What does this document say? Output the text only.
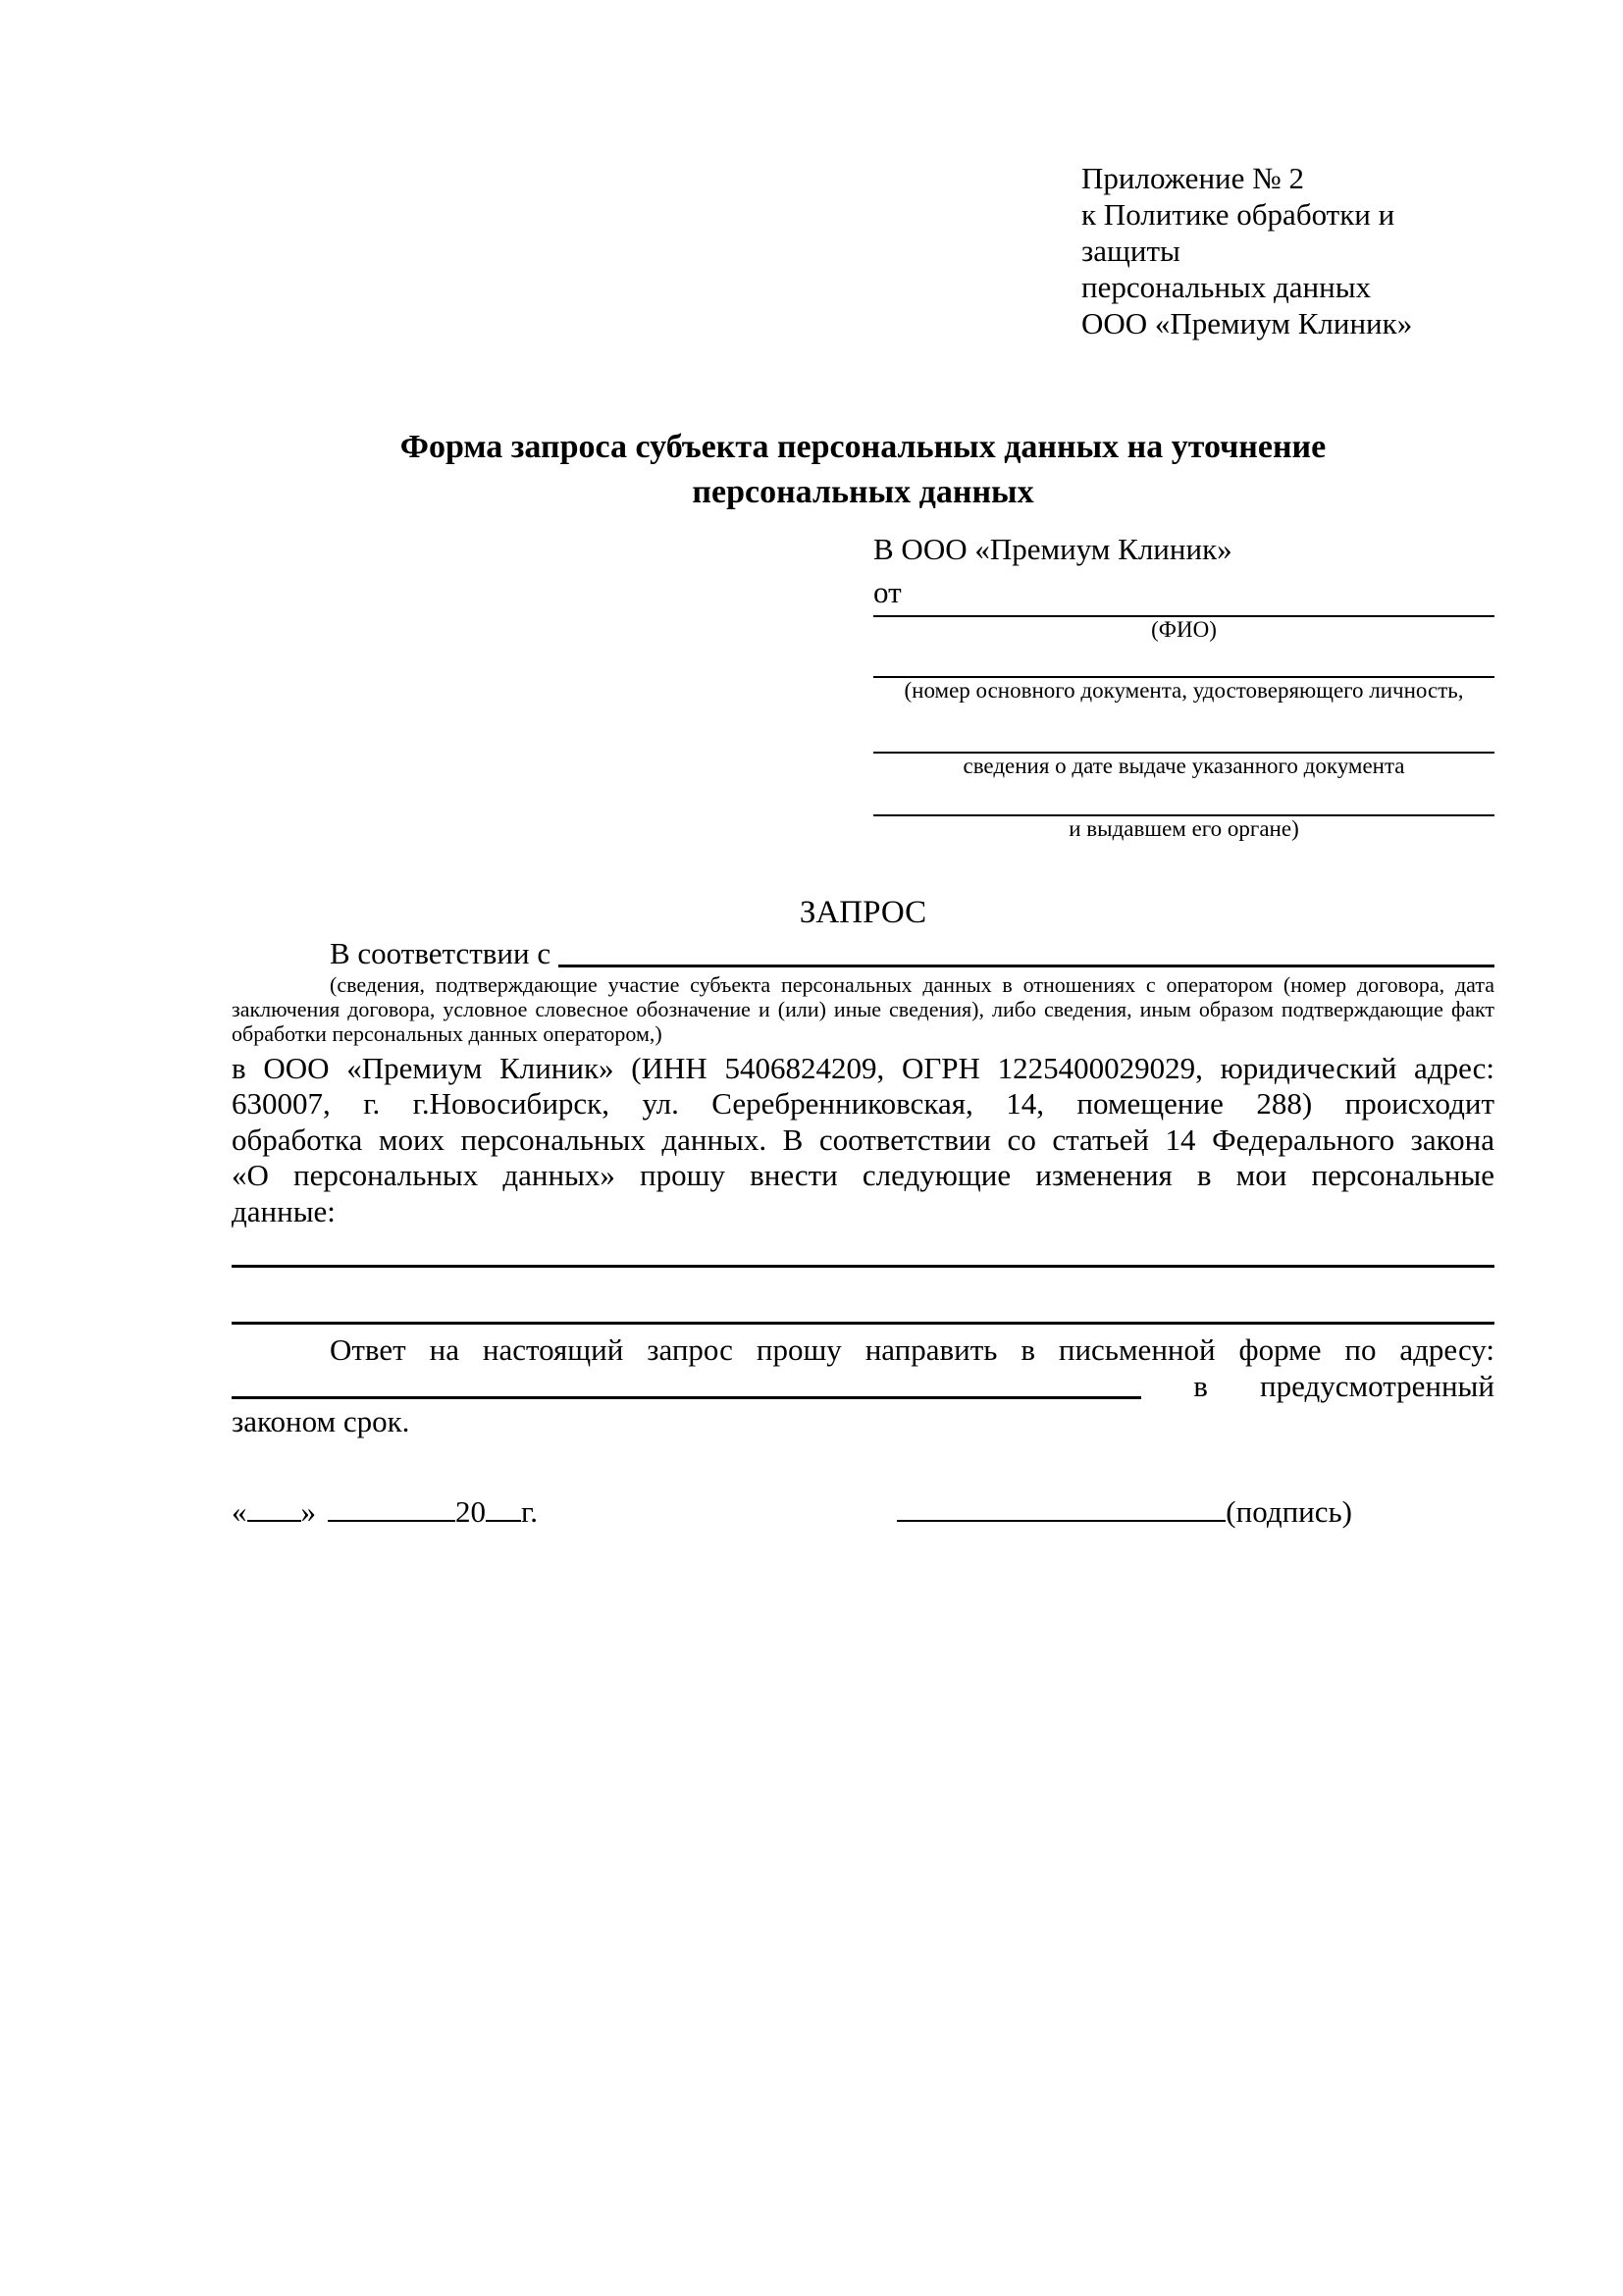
Приложение № 2
к Политике обработки и защиты
персональных данных
ООО «Премиум Клиник»
Форма запроса субъекта персональных данных на уточнение
персональных данных
В ООО «Премиум Клиник»
от
(ФИО)
(номер основного документа, удостоверяющего личность,
сведения о дате выдаче указанного документа
и выдавшем его органе)
ЗАПРОС
В соответствии с
(сведения, подтверждающие участие субъекта персональных данных в отношениях с оператором (номер договора, дата
заключения договора, условное словесное обозначение и (или) иные сведения), либо сведения, иным образом подтверждающие факт
обработки персональных данных оператором,)
в ООО «Премиум Клиник» (ИНН 5406824209, ОГРН 1225400029029, юридический адрес:
630007, г. г.Новосибирск, ул. Серебренниковская, 14, помещение 288) происходит
обработка моих персональных данных. В соответствии со статьей 14 Федерального закона
«О персональных данных» прошу внести следующие изменения в мои персональные
данные:
Ответ на настоящий запрос прошу направить в письменной форме по адресу:
в предусмотренный
законом срок.
« »	20 г.	(подпись)
